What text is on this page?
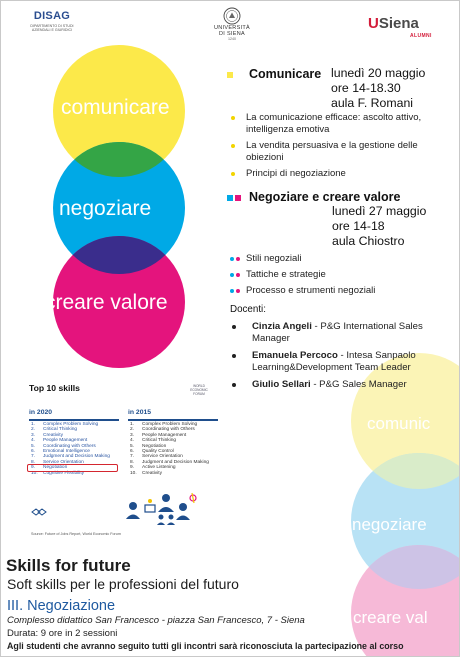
DISAG
DIPARTIMENTO DI STUDI
AZIENDALI E GIURIDICI	UNIVERSITÀ
DI SIENA
1240
USiena
ALUMNI
comunicare
negoziare
creare valore
Comunicare lunedì 20 maggio
ore 14-18.30
aula F. Romani
La comunicazione efficace: ascolto attivo, intelligenza emotiva
La vendita persuasiva e la gestione delle obiezioni
Principi di negoziazione
Negoziare e creare valore
lunedì 27 maggio
ore 14-18
aula Chiostro
Stili negoziali
Tattiche e strategie
Processo e strumenti negoziali
Docenti:
Cinzia Angeli - P&G International Sales Manager
Emanuela Percoco - Intesa Sanpaolo Learning&Development Team Leader
Giulio Sellari - P&G Sales Manager
Top 10 skills	WORLD
ECONOMIC
FORUM
in 2020	in 2015
1. Complex Problem Solving
2. Critical Thinking
3. Creativity
4. People Management
5. Coordinating with Others
6. Emotional Intelligence
7. Judgment and Decision Making
8. Service Orientation
9. Negotiation
10. Cognitive Flexibility
1. Complex Problem Solving
2. Coordinating with Others
3. People Management
4. Critical Thinking
5. Negotiation
6. Quality Control
7. Service Orientation
8. Judgment and Decision Making
9. Active Listening
10. Creativity
Source: Future of Jobs Report, World Economic Forum
comunic
negoziare
creare val
Skills for future
Soft skills per le professioni del futuro
III. Negoziazione
Complesso didattico San Francesco - piazza San Francesco, 7 - Siena
Durata: 9 ore in 2 sessioni
Agli studenti che avranno seguito tutti gli incontri sarà riconosciuta la partecipazione al corso
